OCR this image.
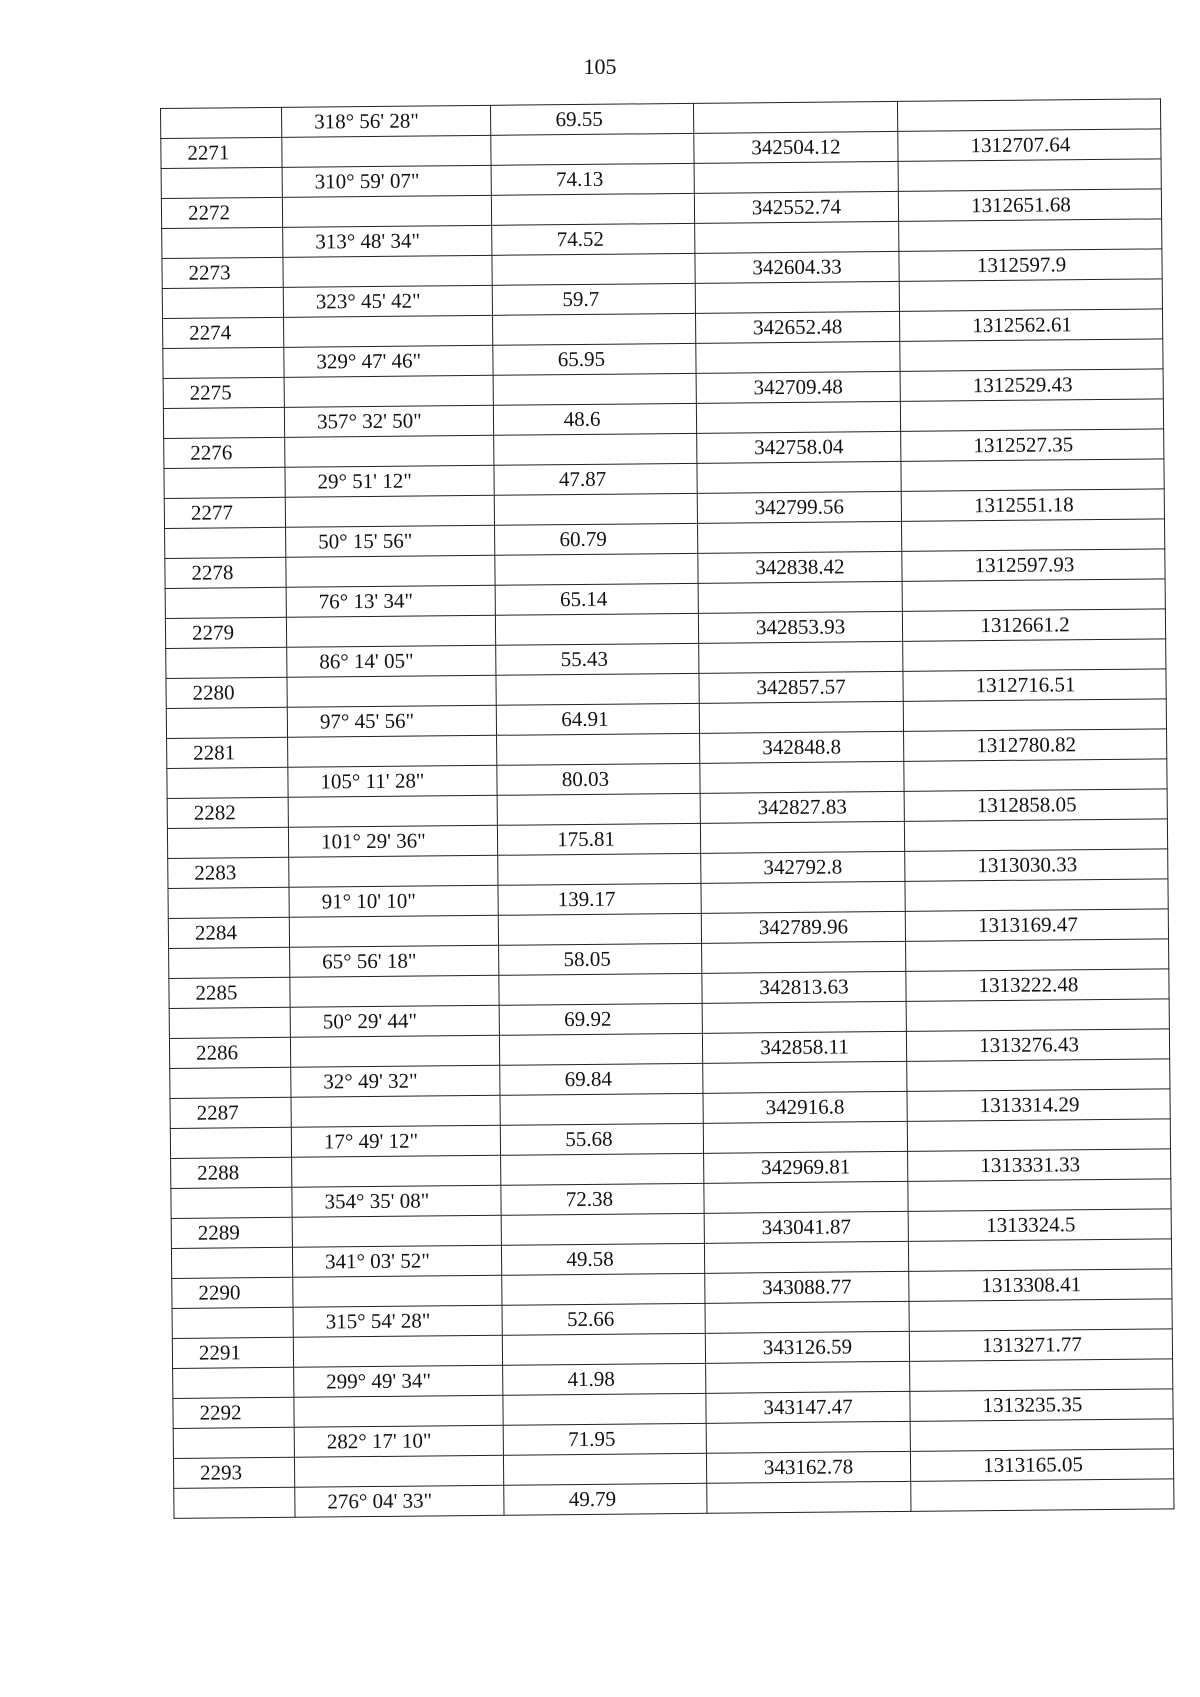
105
	318° 56' 28"	69.55		
2271			342504.12	1312707.64
	310° 59' 07"	74.13		
2272			342552.74	1312651.68
	313° 48' 34"	74.52		
2273			342604.33	1312597.9
	323° 45' 42"	59.7		
2274			342652.48	1312562.61
	329° 47' 46"	65.95		
2275			342709.48	1312529.43
	357° 32' 50"	48.6		
2276			342758.04	1312527.35
	29° 51' 12"	47.87		
2277			342799.56	1312551.18
	50° 15' 56"	60.79		
2278			342838.42	1312597.93
	76° 13' 34"	65.14		
2279			342853.93	1312661.2
	86° 14' 05"	55.43		
2280			342857.57	1312716.51
	97° 45' 56"	64.91		
2281			342848.8	1312780.82
	105° 11' 28"	80.03		
2282			342827.83	1312858.05
	101° 29' 36"	175.81		
2283			342792.8	1313030.33
	91° 10' 10"	139.17		
2284			342789.96	1313169.47
	65° 56' 18"	58.05		
2285			342813.63	1313222.48
	50° 29' 44"	69.92		
2286			342858.11	1313276.43
	32° 49' 32"	69.84		
2287			342916.8	1313314.29
	17° 49' 12"	55.68		
2288			342969.81	1313331.33
	354° 35' 08"	72.38		
2289			343041.87	1313324.5
	341° 03' 52"	49.58		
2290			343088.77	1313308.41
	315° 54' 28"	52.66		
2291			343126.59	1313271.77
	299° 49' 34"	41.98		
2292			343147.47	1313235.35
	282° 17' 10"	71.95		
2293			343162.78	1313165.05
	276° 04' 33"	49.79		
